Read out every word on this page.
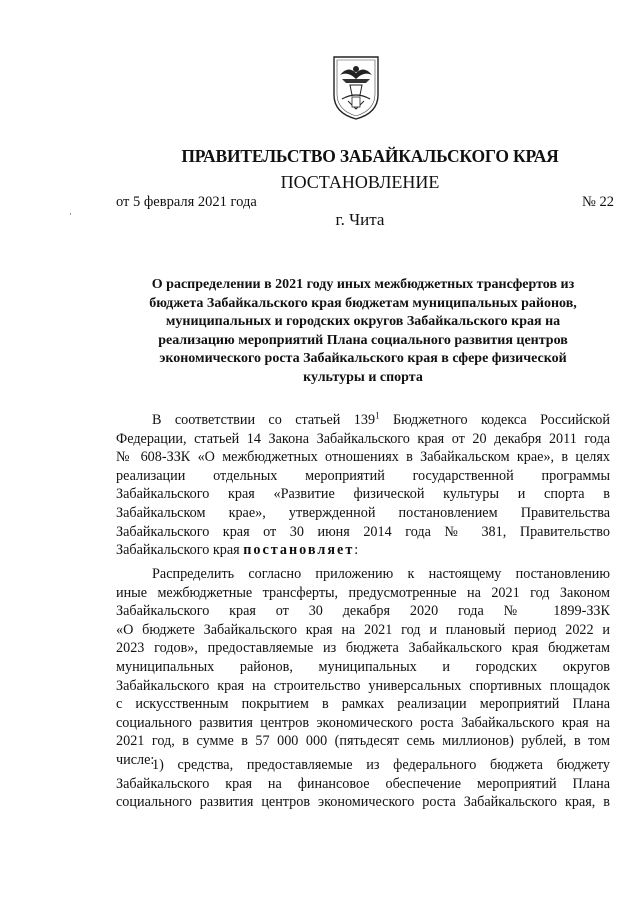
ПРАВИТЕЛЬСТВО ЗАБАЙКАЛЬСКОГО КРАЯ
ПОСТАНОВЛЕНИЕ
от 5 февраля 2021 года	№ 22
г. Чита
О распределении в 2021 году иных межбюджетных трансфертов из
бюджета Забайкальского края бюджетам муниципальных районов,
муниципальных и городских округов Забайкальского края на
реализацию мероприятий Плана социального развития центров
экономического роста Забайкальского края в сфере физической
культуры и спорта
В соответствии со статьей $139^1$ Бюджетного кодекса Российской
Федерации, статьей 14 Закона Забайкальского края от 20 декабря 2011 года
№ 608-ЗЗК «О межбюджетных отношениях в Забайкальском крае», в целях
реализации отдельных мероприятий государственной программы
Забайкальского края «Развитие физической культуры и спорта в
Забайкальском крае», утвержденной постановлением Правительства
Забайкальского края от 30 июня 2014 года № 381, Правительство
Забайкальского края постановляет:
Распределить согласно приложению к настоящему постановлению
иные межбюджетные трансферты, предусмотренные на 2021 год Законом
Забайкальского края от 30 декабря 2020 года № 1899-ЗЗК
«О бюджете Забайкальского края на 2021 год и плановый период 2022 и
2023 годов», предоставляемые из бюджета Забайкальского края бюджетам
муниципальных районов, муниципальных и городских округов
Забайкальского края на строительство универсальных спортивных площадок
с искусственным покрытием в рамках реализации мероприятий Плана
социального развития центров экономического роста Забайкальского края на
2021 год, в сумме в 57 000 000 (пятьдесят семь миллионов) рублей, в том
числе:
1) средства, предоставляемые из федерального бюджета бюджету
Забайкальского края на финансовое обеспечение мероприятий Плана
социального развития центров экономического роста Забайкальского края, в
